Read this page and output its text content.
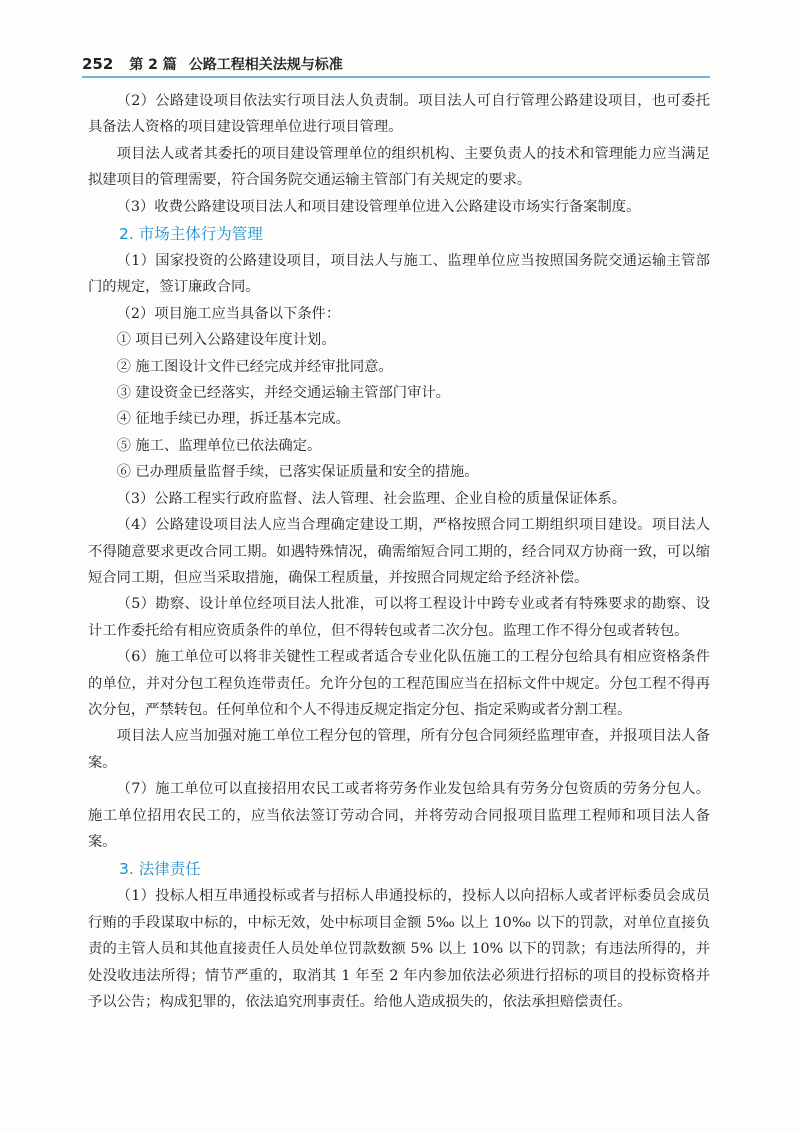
252 第 2 篇 公路工程相关法规与标准

（2）公路建设项目依法实行项目法人负责制。项目法人可自行管理公路建设项目，也可委托具备法人资格的项目建设管理单位进行项目管理。

项目法人或者其委托的项目建设管理单位的组织机构、主要负责人的技术和管理能力应当满足拟建项目的管理需要，符合国务院交通运输主管部门有关规定的要求。

（3）收费公路建设项目法人和项目建设管理单位进入公路建设市场实行备案制度。

2. 市场主体行为管理

（1）国家投资的公路建设项目，项目法人与施工、监理单位应当按照国务院交通运输主管部门的规定，签订廉政合同。

（2）项目施工应当具备以下条件：

① 项目已列入公路建设年度计划。

② 施工图设计文件已经完成并经审批同意。

③ 建设资金已经落实，并经交通运输主管部门审计。

④ 征地手续已办理，拆迁基本完成。

⑤ 施工、监理单位已依法确定。

⑥ 已办理质量监督手续，已落实保证质量和安全的措施。

（3）公路工程实行政府监督、法人管理、社会监理、企业自检的质量保证体系。

（4）公路建设项目法人应当合理确定建设工期，严格按照合同工期组织项目建设。项目法人不得随意要求更改合同工期。如遇特殊情况，确需缩短合同工期的，经合同双方协商一致，可以缩短合同工期，但应当采取措施，确保工程质量，并按照合同规定给予经济补偿。

（5）勘察、设计单位经项目法人批准，可以将工程设计中跨专业或者有特殊要求的勘察、设计工作委托给有相应资质条件的单位，但不得转包或者二次分包。监理工作不得分包或者转包。

（6）施工单位可以将非关键性工程或者适合专业化队伍施工的工程分包给具有相应资格条件的单位，并对分包工程负连带责任。允许分包的工程范围应当在招标文件中规定。分包工程不得再次分包，严禁转包。任何单位和个人不得违反规定指定分包、指定采购或者分割工程。

项目法人应当加强对施工单位工程分包的管理，所有分包合同须经监理审查，并报项目法人备案。

（7）施工单位可以直接招用农民工或者将劳务作业发包给具有劳务分包资质的劳务分包人。施工单位招用农民工的，应当依法签订劳动合同，并将劳动合同报项目监理工程师和项目法人备案。

3. 法律责任

（1）投标人相互串通投标或者与招标人串通投标的，投标人以向招标人或者评标委员会成员行贿的手段谋取中标的，中标无效，处中标项目金额 5‰ 以上 10‰ 以下的罚款，对单位直接负责的主管人员和其他直接责任人员处单位罚款数额 5% 以上 10% 以下的罚款；有违法所得的，并处没收违法所得；情节严重的，取消其 1 年至 2 年内参加依法必须进行招标的项目的投标资格并予以公告；构成犯罪的，依法追究刑事责任。给他人造成损失的，依法承担赔偿责任。
